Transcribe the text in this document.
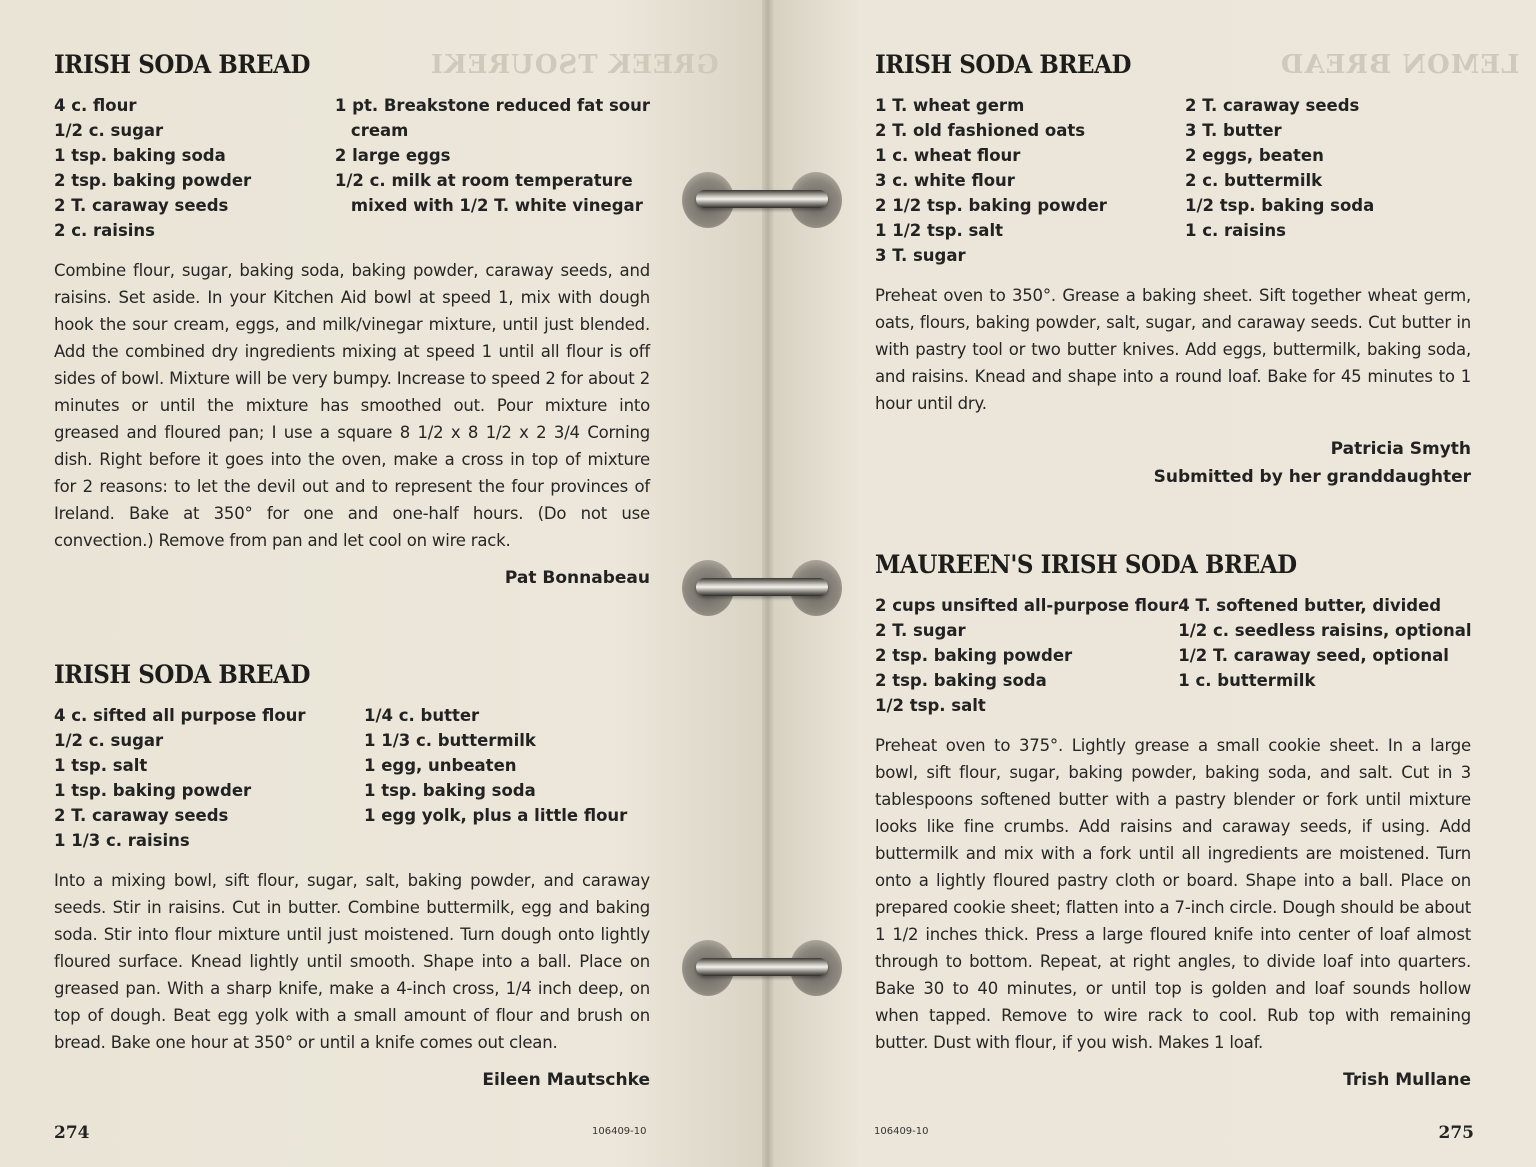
GREEK TSOUREKI
IRISH SODA BREAD
4 c. flour
1/2 c. sugar
1 tsp. baking soda
2 tsp. baking powder
2 T. caraway seeds
2 c. raisins
1 pt. Breakstone reduced fat sour
cream
2 large eggs
1/2 c. milk at room temperature
mixed with 1/2 T. white vinegar
Combine flour, sugar, baking soda, baking powder, caraway seeds, and raisins. Set aside. In your Kitchen Aid bowl at speed 1, mix with dough hook the sour cream, eggs, and milk/vinegar mixture, until just blended. Add the combined dry ingredients mixing at speed 1 until all flour is off sides of bowl. Mixture will be very bumpy. Increase to speed 2 for about 2 minutes or until the mixture has smoothed out. Pour mixture into greased and floured pan; I use a square 8 1/2 x 8 1/2 x 2 3/4 Corning dish. Right before it goes into the oven, make a cross in top of mixture for 2 reasons: to let the devil out and to represent the four provinces of Ireland. Bake at 350° for one and one-half hours. (Do not use convection.) Remove from pan and let cool on wire rack.
Pat Bonnabeau
IRISH SODA BREAD
4 c. sifted all purpose flour
1/2 c. sugar
1 tsp. salt
1 tsp. baking powder
2 T. caraway seeds
1 1/3 c. raisins
1/4 c. butter
1 1/3 c. buttermilk
1 egg, unbeaten
1 tsp. baking soda
1 egg yolk, plus a little flour
Into a mixing bowl, sift flour, sugar, salt, baking powder, and caraway seeds. Stir in raisins. Cut in butter. Combine buttermilk, egg and baking soda. Stir into flour mixture until just moistened. Turn dough onto lightly floured surface. Knead lightly until smooth. Shape into a ball. Place on greased pan. With a sharp knife, make a 4-inch cross, 1/4 inch deep, on top of dough. Beat egg yolk with a small amount of flour and brush on bread. Bake one hour at 350° or until a knife comes out clean.
Eileen Mautschke
274	106409-10
LEMON BREAD
IRISH SODA BREAD
1 T. wheat germ
2 T. old fashioned oats
1 c. wheat flour
3 c. white flour
2 1/2 tsp. baking powder
1 1/2 tsp. salt
3 T. sugar
2 T. caraway seeds
3 T. butter
2 eggs, beaten
2 c. buttermilk
1/2 tsp. baking soda
1 c. raisins
Preheat oven to 350°. Grease a baking sheet. Sift together wheat germ, oats, flours, baking powder, salt, sugar, and caraway seeds. Cut butter in with pastry tool or two butter knives. Add eggs, buttermilk, baking soda, and raisins. Knead and shape into a round loaf. Bake for 45 minutes to 1 hour until dry.
Patricia Smyth
Submitted by her granddaughter
MAUREEN'S IRISH SODA BREAD
2 cups unsifted all-purpose flour
2 T. sugar
2 tsp. baking powder
2 tsp. baking soda
1/2 tsp. salt
4 T. softened butter, divided
1/2 c. seedless raisins, optional
1/2 T. caraway seed, optional
1 c. buttermilk
Preheat oven to 375°. Lightly grease a small cookie sheet. In a large bowl, sift flour, sugar, baking powder, baking soda, and salt. Cut in 3 tablespoons softened butter with a pastry blender or fork until mixture looks like fine crumbs. Add raisins and caraway seeds, if using. Add buttermilk and mix with a fork until all ingredients are moistened. Turn onto a lightly floured pastry cloth or board. Shape into a ball. Place on prepared cookie sheet; flatten into a 7-inch circle. Dough should be about 1 1/2 inches thick. Press a large floured knife into center of loaf almost through to bottom. Repeat, at right angles, to divide loaf into quarters. Bake 30 to 40 minutes, or until top is golden and loaf sounds hollow when tapped. Remove to wire rack to cool. Rub top with remaining butter. Dust with flour, if you wish. Makes 1 loaf.
Trish Mullane
106409-10	275
